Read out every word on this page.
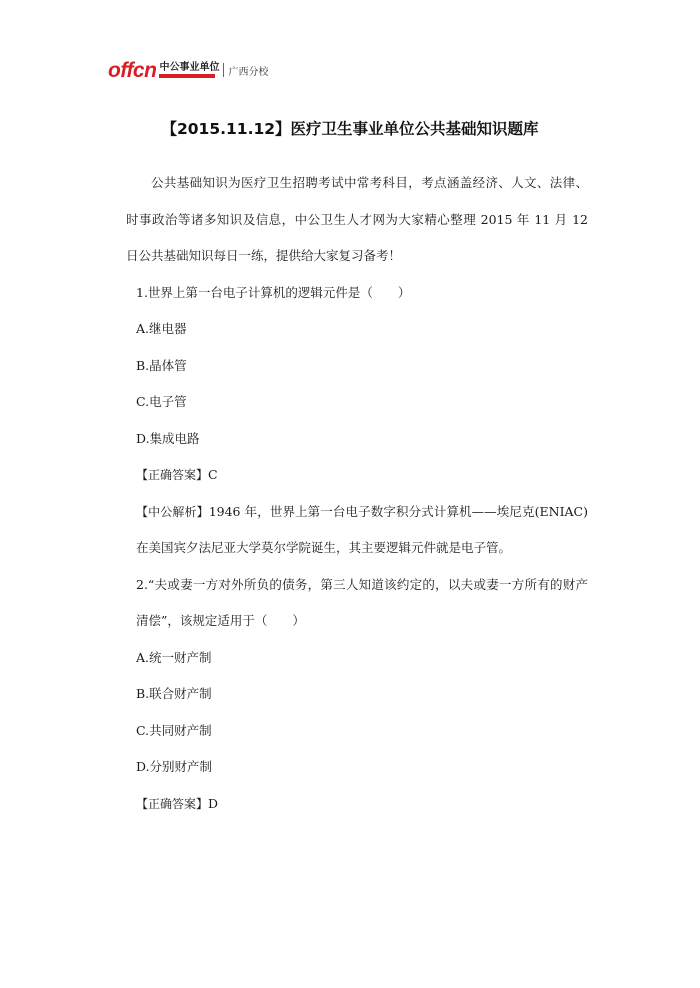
offcn 中公事业单位 广西分校
【2015.11.12】医疗卫生事业单位公共基础知识题库

公共基础知识为医疗卫生招聘考试中常考科目，考点涵盖经济、人文、法律、时事政治等诸多知识及信息，中公卫生人才网为大家精心整理 2015 年 11 月 12 日公共基础知识每日一练，提供给大家复习备考！

1.世界上第一台电子计算机的逻辑元件是（　　）

A.继电器

B.晶体管

C.电子管

D.集成电路

【正确答案】C

【中公解析】1946 年，世界上第一台电子数字积分式计算机——埃尼克(ENIAC)在美国宾夕法尼亚大学莫尔学院诞生，其主要逻辑元件就是电子管。

2.“夫或妻一方对外所负的债务，第三人知道该约定的，以夫或妻一方所有的财产清偿”，该规定适用于（　　）

A.统一财产制

B.联合财产制

C.共同财产制

D.分别财产制

【正确答案】D
